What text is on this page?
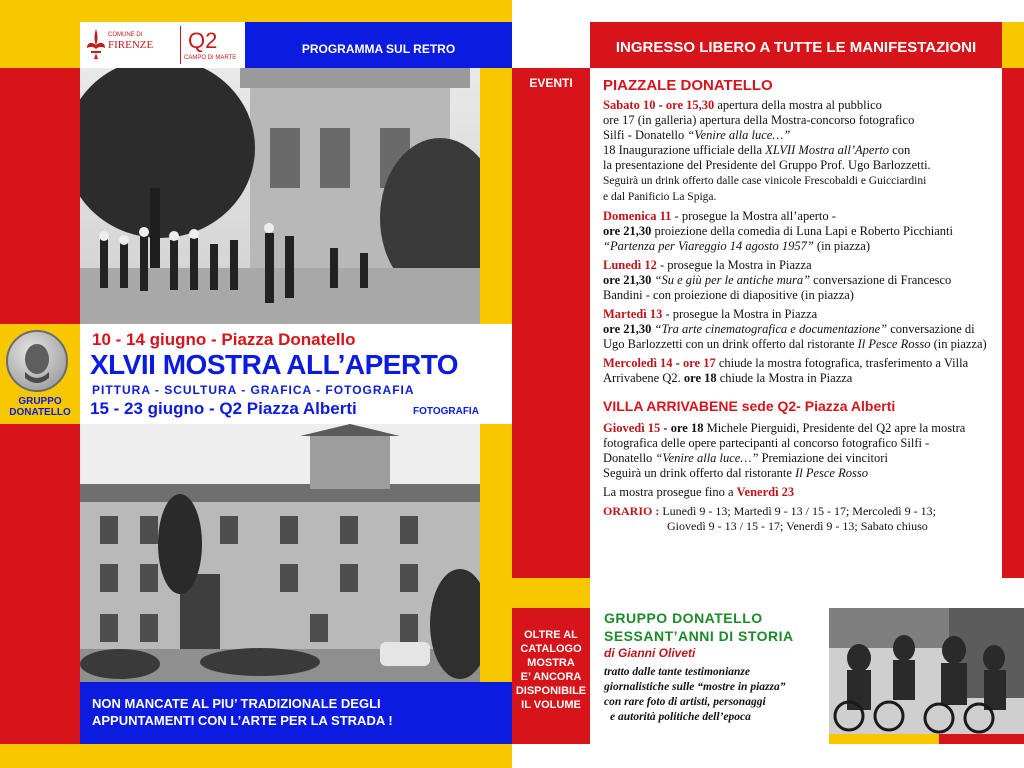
COMUNE DI
FIRENZE Q2
CAMPO DI MARTE
PROGRAMMA SUL RETRO
GRUPPO
DONATELLO
10 - 14 giugno - Piazza Donatello
XLVII MOSTRA ALL’APERTO
PITTURA - SCULTURA - GRAFICA - FOTOGRAFIA
15 - 23 giugno - Q2 Piazza Alberti	FOTOGRAFIA
NON MANCATE AL PIU’ TRADIZIONALE DEGLI
APPUNTAMENTI CON L’ARTE PER LA STRADA !
INGRESSO LIBERO A TUTTE LE MANIFESTAZIONI
EVENTI	PIAZZALE DONATELLO

Sabato 10 - ore 15,30 apertura della mostra al pubblico
ore 17 (in galleria) apertura della Mostra-concorso fotografico
Silfi - Donatello “Venire alla luce…”
18 Inaugurazione ufficiale della XLVII Mostra all’Aperto con
la presentazione del Presidente del Gruppo Prof. Ugo Barlozzetti.
Seguirà un drink offerto dalle case vinicole Frescobaldi e Guicciardini
e dal Panificio La Spiga.

Domenica 11 - prosegue la Mostra all’aperto -
ore 21,30 proiezione della comedia di Luna Lapi e Roberto Picchianti
“Partenza per Viareggio 14 agosto 1957” (in piazza)

Lunedì 12 - prosegue la Mostra in Piazza
ore 21,30 “Su e giù per le antiche mura” conversazione di Francesco
Bandini - con proiezione di diapositive (in piazza)

Martedì 13 - prosegue la Mostra in Piazza
ore 21,30 “Tra arte cinematografica e documentazione” conversazione di
Ugo Barlozzetti con un drink offerto dal ristorante Il Pesce Rosso (in piazza)

Mercoledì 14 - ore 17 chiude la mostra fotografica, trasferimento a Villa
Arrivabene Q2. ore 18 chiude la Mostra in Piazza

VILLA ARRIVABENE sede Q2- Piazza Alberti

Giovedì 15 - ore 18 Michele Pierguidi, Presidente del Q2 apre la mostra
fotografica delle opere partecipanti al concorso fotografico Silfi -
Donatello “Venire alla luce…” Premiazione dei vincitori
Seguirà un drink offerto dal ristorante Il Pesce Rosso

La mostra prosegue fino a Venerdì 23

ORARIO : Lunedì 9 - 13; Martedì 9 - 13 / 15 - 17; Mercoledì 9 - 13;
Giovedì 9 - 13 / 15 - 17; Venerdì 9 - 13; Sabato chiuso

OLTRE AL
CATALOGO
MOSTRA
E’ ANCORA
DISPONIBILE
IL VOLUME
GRUPPO DONATELLO
SESSANT’ANNI DI STORIA
di Gianni Oliveti
tratto dalle tante testimonianze
giornalistiche sulle “mostre in piazza”
con rare foto di artisti, personaggi
e autorità politiche dell’epoca
